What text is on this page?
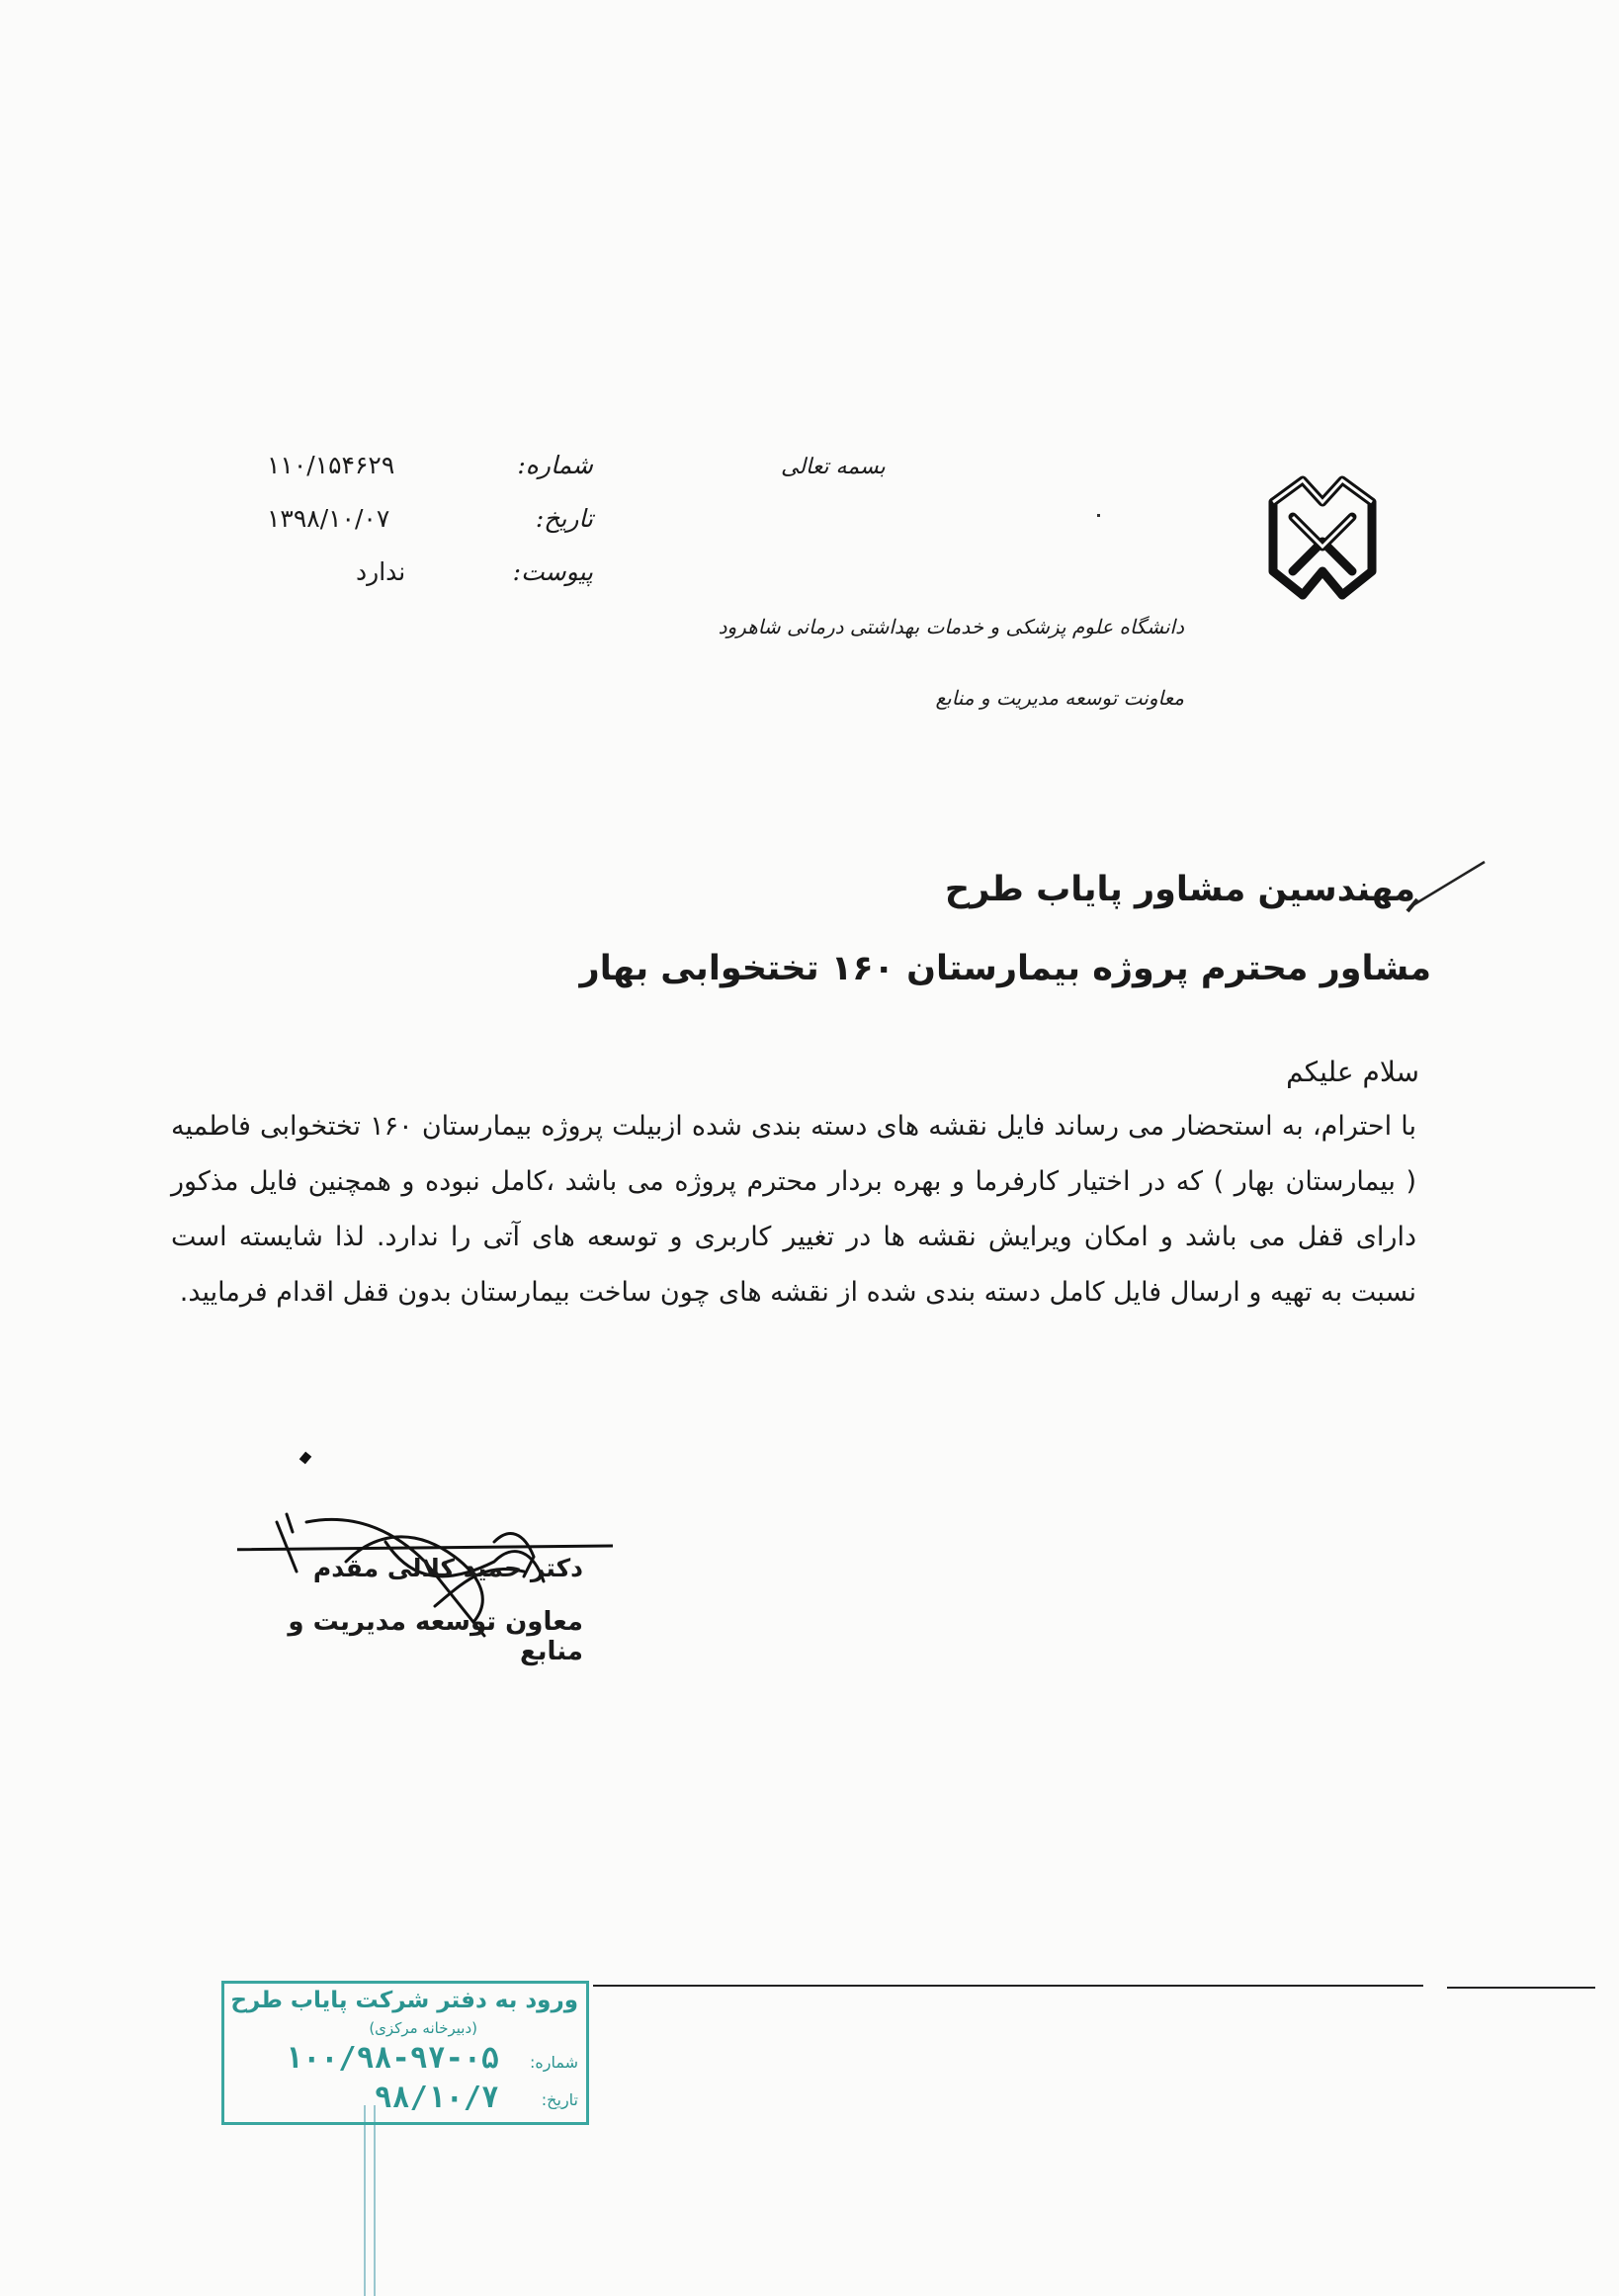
بسمه تعالی
شماره:
۱۱۰/۱۵۴۶۲۹
تاریخ:
۱۳۹۸/۱۰/۰۷
پیوست:
ندارد
دانشگاه علوم پزشکی و خدمات بهداشتی درمانی شاهرود
معاونت توسعه مدیریت و منابع
مهندسین مشاور پایاب طرح
مشاور محترم پروژه بیمارستان ۱۶۰ تختخوابی بهار
سلام علیکم
با احترام، به استحضار می رساند فایل نقشه های دسته بندی شده ازبیلت پروژه بیمارستان ۱۶۰ تختخوابی فاطمیه ( بیمارستان بهار ) که در اختیار کارفرما و بهره بردار محترم پروژه می باشد ،کامل نبوده و همچنین فایل مذکور دارای قفل می باشد و امکان ویرایش نقشه ها در تغییر کاربری و توسعه های آتی را ندارد. لذا شایسته است نسبت به تهیه و ارسال فایل کامل دسته بندی شده از نقشه های چون ساخت بیمارستان بدون قفل اقدام فرمایید.
دکتر حمید کلالی مقدم
معاون توسعه مدیریت و منابع
ورود به دفتر شرکت پایاب طرح
(دبیرخانه مرکزی)
شماره:
۱۰۰/۹۸-۹۷-۰۵
تاریخ:
۹۸/۱۰/۷
